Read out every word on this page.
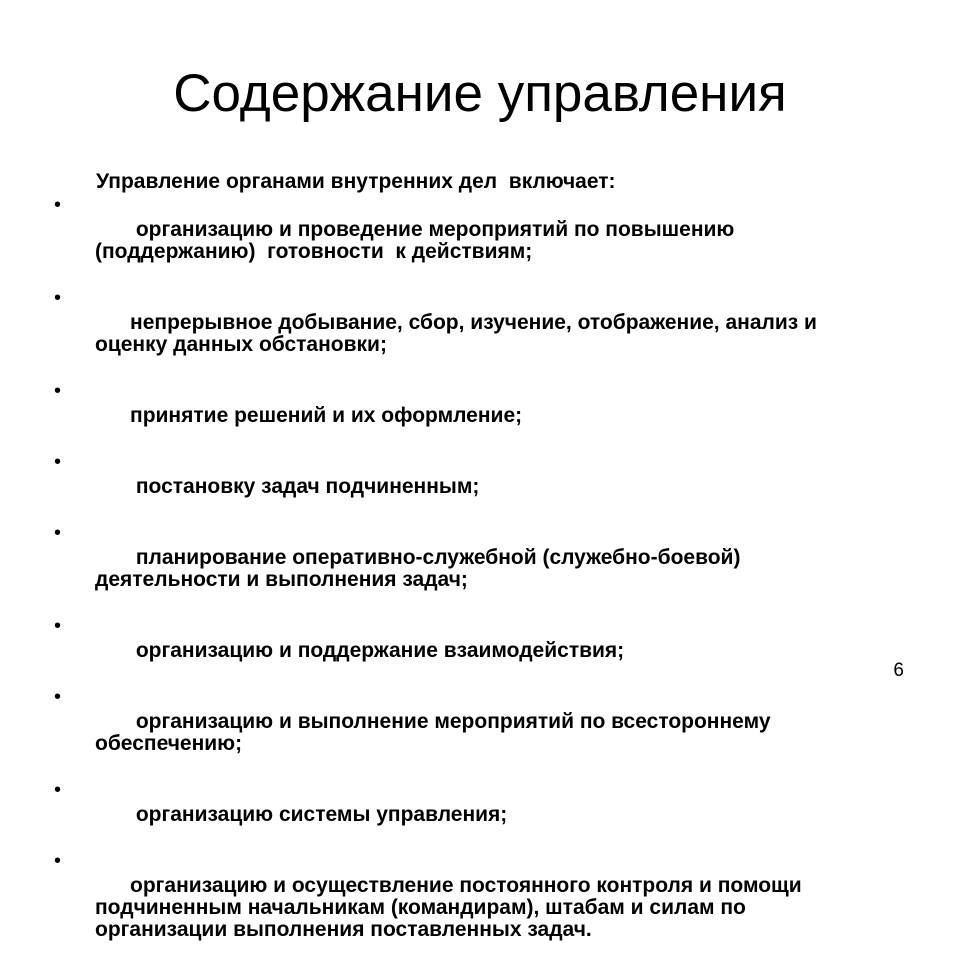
Содержание управления

Управление органами внутренних дел  включает:

•
организацию и проведение мероприятий по повышению
(поддержанию)  готовности  к действиям;

•
непрерывное добывание, сбор, изучение, отображение, анализ и
оценку данных обстановки;

•
принятие решений и их оформление;

•
постановку задач подчиненным;

•
планирование оперативно-служебной (служебно-боевой)
деятельности и выполнения задач;

•
организацию и поддержание взаимодействия;

•
организацию и выполнение мероприятий по всестороннему
обеспечению;

•
организацию системы управления;

•
организацию и осуществление постоянного контроля и помощи
подчиненным начальникам (командирам), штабам и силам по
организации выполнения поставленных задач.

6
